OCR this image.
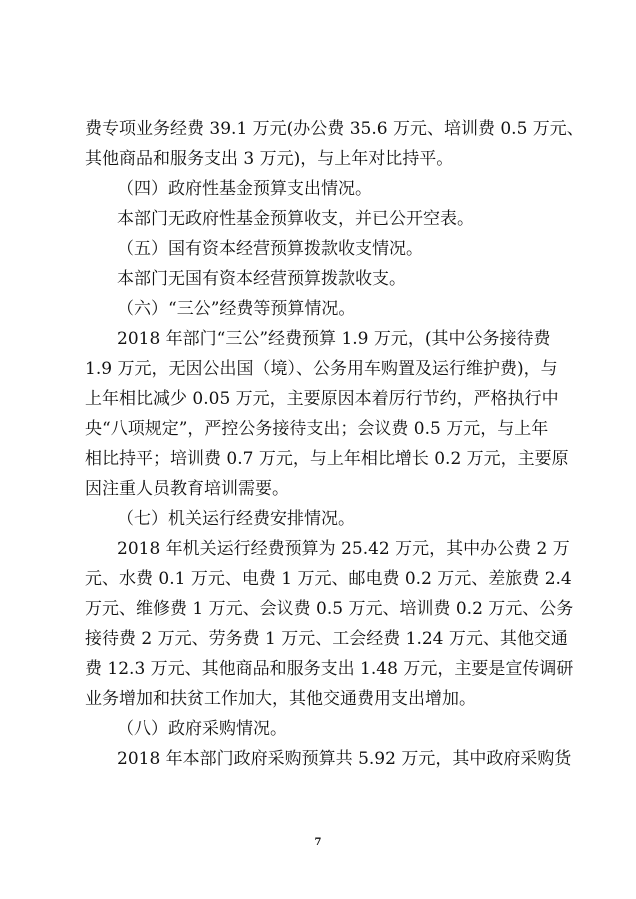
费专项业务经费 39.1 万元(办公费 35.6 万元、培训费 0.5 万元、
其他商品和服务支出 3 万元)，与上年对比持平。
（四）政府性基金预算支出情况。
本部门无政府性基金预算收支，并已公开空表。
（五）国有资本经营预算拨款收支情况。
本部门无国有资本经营预算拨款收支。
（六）“三公”经费等预算情况。
2018 年部门“三公”经费预算 1.9 万元，(其中公务接待费
1.9 万元，无因公出国（境）、公务用车购置及运行维护费)，与
上年相比减少 0.05 万元，主要原因本着厉行节约，严格执行中
央“八项规定”，严控公务接待支出；会议费 0.5 万元，与上年
相比持平；培训费 0.7 万元，与上年相比增长 0.2 万元，主要原
因注重人员教育培训需要。
（七）机关运行经费安排情况。
2018 年机关运行经费预算为 25.42 万元，其中办公费 2 万
元、水费 0.1 万元、电费 1 万元、邮电费 0.2 万元、差旅费 2.4
万元、维修费 1 万元、会议费 0.5 万元、培训费 0.2 万元、公务
接待费 2 万元、劳务费 1 万元、工会经费 1.24 万元、其他交通
费 12.3 万元、其他商品和服务支出 1.48 万元，主要是宣传调研
业务增加和扶贫工作加大，其他交通费用支出增加。
（八）政府采购情况。
2018 年本部门政府采购预算共 5.92 万元，其中政府采购货
7
